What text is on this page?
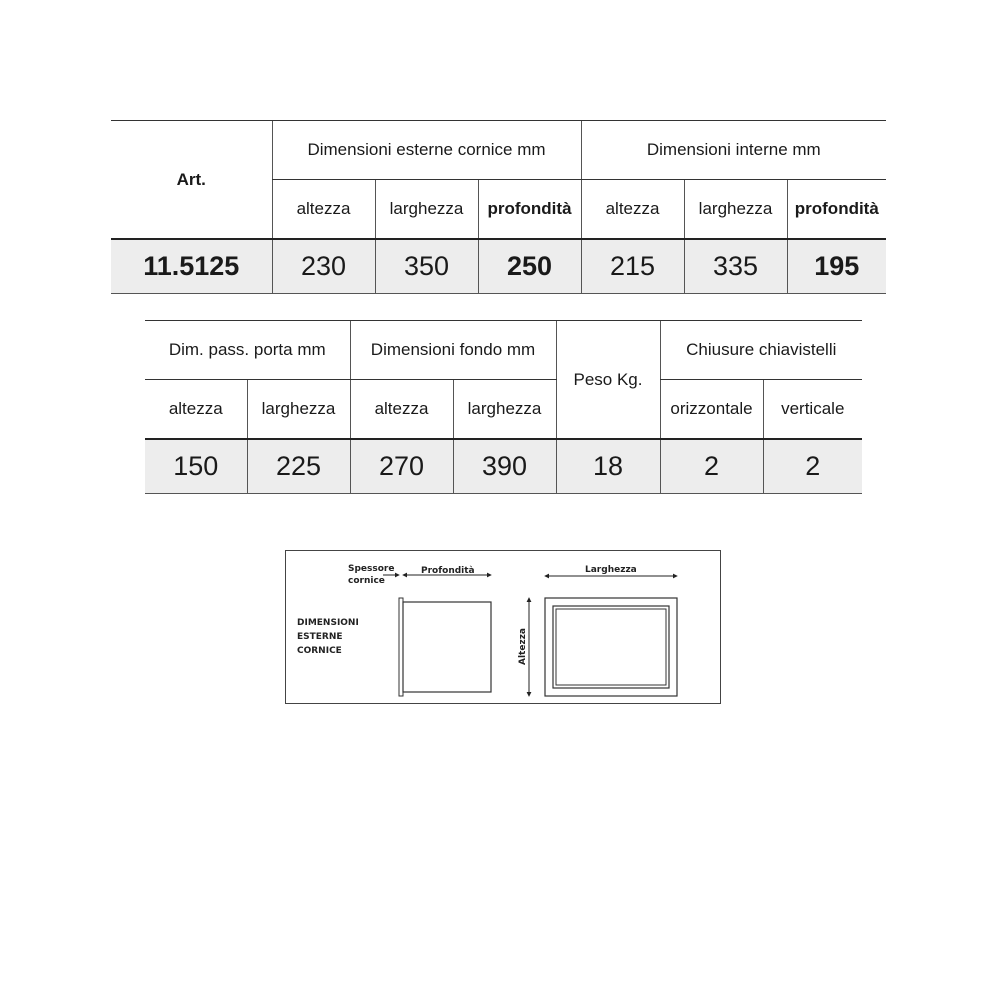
Art.	Dimensioni esterne cornice mm			Dimensioni interne mm		
	altezza	larghezza	profondità	altezza	larghezza	profondità
11.5125	230	350	250	215	335	195
Dim. pass. porta mm		Dimensioni fondo mm		Peso Kg.	Chiusure chiavistelli	
altezza	larghezza	altezza	larghezza		orizzontale	verticale
150	225	270	390	18	2	2
Spessore
cornice
Profondità
DIMENSIONI
ESTERNE
CORNICE
Larghezza
Altezza
